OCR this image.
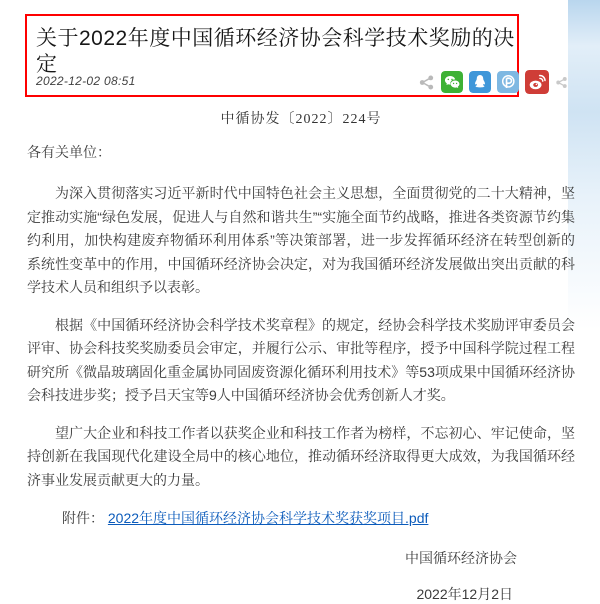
关于2022年度中国循环经济协会科学技术奖励的决定
2022-12-02 08:51
中循协发〔2022〕224号
各有关单位：

为深入贯彻落实习近平新时代中国特色社会主义思想，全面贯彻党的二十大精神，坚定推动实施“绿色发展，促进人与自然和谐共生”“实施全面节约战略，推进各类资源节约集约利用，加快构建废弃物循环利用体系”等决策部署，进一步发挥循环经济在转型创新的系统性变革中的作用，中国循环经济协会决定，对为我国循环经济发展做出突出贡献的科学技术人员和组织予以表彰。

根据《中国循环经济协会科学技术奖章程》的规定，经协会科学技术奖励评审委员会评审、协会科技奖奖励委员会审定，并履行公示、审批等程序，授予中国科学院过程工程研究所《微晶玻璃固化重金属协同固废资源化循环利用技术》等53项成果中国循环经济协会科技进步奖；授予吕天宝等9人中国循环经济协会优秀创新人才奖。

望广大企业和科技工作者以获奖企业和科技工作者为榜样，不忘初心、牢记使命，坚持创新在我国现代化建设全局中的核心地位，推动循环经济取得更大成效，为我国循环经济事业发展贡献更大的力量。

附件： 2022年度中国循环经济协会科学技术奖获奖项目.pdf

中国循环经济协会
2022年12月2日
